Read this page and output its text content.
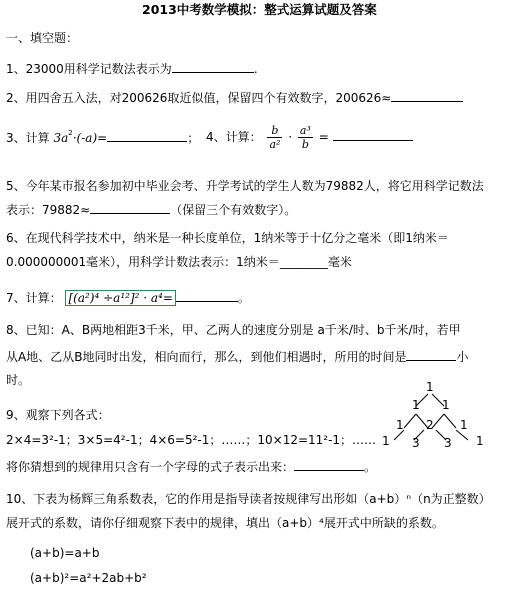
2013中考数学模拟：整式运算试题及答案
一、填空题：
1、23000用科学记数法表示为	.
2、用四舍五入法，对200626取近似值，保留四个有效数字，200626≈
3、计算 $3a^2\cdot(-a)=$	； 4、计算： $\frac{b}{\text{a²}} \cdot \frac{\text{a³}}{b}$ =
5、今年某市报名参加初中毕业会考、升学考试的学生人数为79882人，将它用科学记数法
表示：79882≈	（保留三个有效数字）。
6、在现代科学技术中，纳米是一种长度单位，1纳米等于十亿分之毫米（即1纳米＝
0.000000001毫米），用科学计数法表示：1纳米＝________毫米
7、计算： [(a²)⁴ ÷a¹²]² · a⁴=	。
8、已知：A、B两地相距3千米，甲、乙两人的速度分别是 a千米/时、b千米/时，若甲
从A地、乙从B地同时出发，相向而行，那么，到他们相遇时，所用的时间是	小
时。
9、观察下列各式：
2×4=3²-1；3×5=4²-1；4×6=5²-1；……；10×12=11²-1；……
将你猜想到的规律用只含有一个字母的式子表示出来：	。
1
1 1
1 2 1
1 3 3 1
10、下表为杨辉三角系数表，它的作用是指导读者按规律写出形如（a+b）ⁿ（n为正整数）
展开式的系数，请你仔细观察下表中的规律，填出（a+b）⁴展开式中所缺的系数。
(a+b)=a+b
(a+b)²=a²+2ab+b²
